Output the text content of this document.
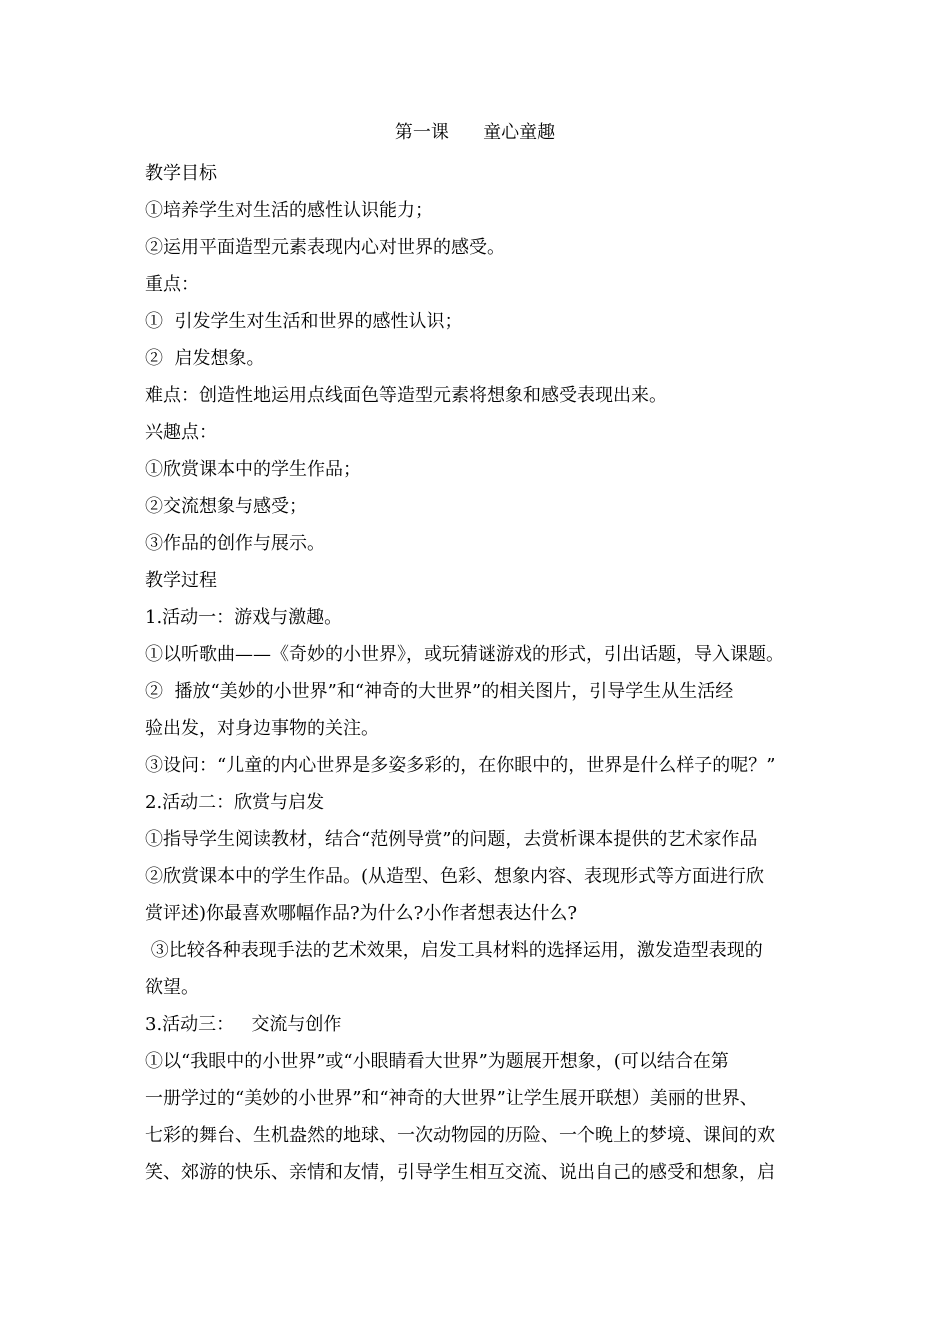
第一课      童心童趣
教学目标
①培养学生对生活的感性认识能力；
②运用平面造型元素表现内心对世界的感受。
重点：
①  引发学生对生活和世界的感性认识；
②  启发想象。
难点：创造性地运用点线面色等造型元素将想象和感受表现出来。
兴趣点：
①欣赏课本中的学生作品；
②交流想象与感受；
③作品的创作与展示。
教学过程
1.活动一：游戏与激趣。
①以听歌曲——《奇妙的小世界》，或玩猜谜游戏的形式，引出话题，导入课题。
②  播放“美妙的小世界”和“神奇的大世界”的相关图片，引导学生从生活经
验出发，对身边事物的关注。
③设问：“儿童的内心世界是多姿多彩的，在你眼中的，世界是什么样子的呢？”
2.活动二：欣赏与启发
①指导学生阅读教材，结合“范例导赏”的问题，去赏析课本提供的艺术家作品
②欣赏课本中的学生作品。(从造型、色彩、想象内容、表现形式等方面进行欣
赏评述)你最喜欢哪幅作品?为什么?小作者想表达什么?
③比较各种表现手法的艺术效果，启发工具材料的选择运用，激发造型表现的
欲望。
3.活动三：   交流与创作
①以“我眼中的小世界”或“小眼睛看大世界”为题展开想象，(可以结合在第
一册学过的“美妙的小世界”和“神奇的大世界”让学生展开联想）美丽的世界、
七彩的舞台、生机盎然的地球、一次动物园的历险、一个晚上的梦境、课间的欢
笑、郊游的快乐、亲情和友情，引导学生相互交流、说出自己的感受和想象，启
